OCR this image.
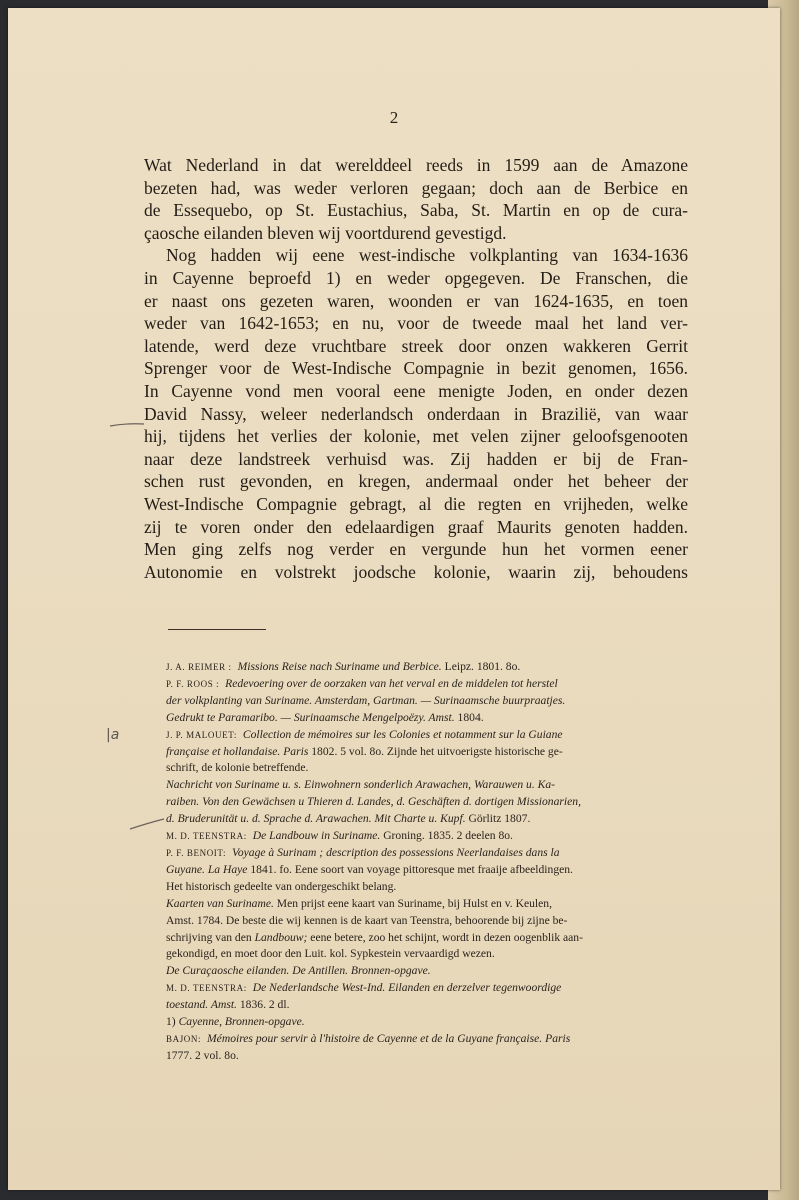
2
Wat Nederland in dat werelddeel reeds in 1599 aan de Amazone
bezeten had, was weder verloren gegaan; doch aan de Berbice en
de Essequebo, op St. Eustachius, Saba, St. Martin en op de cura-
çaosche eilanden bleven wij voortdurend gevestigd.
Nog hadden wij eene west-indische volkplanting van 1634-1636
in Cayenne beproefd 1) en weder opgegeven. De Franschen, die
er naast ons gezeten waren, woonden er van 1624-1635, en toen
weder van 1642-1653; en nu, voor de tweede maal het land ver-
latende, werd deze vruchtbare streek door onzen wakkeren Gerrit
Sprenger voor de West-Indische Compagnie in bezit genomen, 1656.
In Cayenne vond men vooral eene menigte Joden, en onder dezen
David Nassy, weleer nederlandsch onderdaan in Brazilië, van waar
hij, tijdens het verlies der kolonie, met velen zijner geloofsgenooten
naar deze landstreek verhuisd was. Zij hadden er bij de Fran-
schen rust gevonden, en kregen, andermaal onder het beheer der
West-Indische Compagnie gebragt, al die regten en vrijheden, welke
zij te voren onder den edelaardigen graaf Maurits genoten hadden.
Men ging zelfs nog verder en vergunde hun het vormen eener
Autonomie en volstrekt joodsche kolonie, waarin zij, behoudens

J. A. REIMER : Missions Reise nach Suriname und Berbice. Leipz. 1801. 8o.

P. F. ROOS : Redevoering over de oorzaken van het verval en de middelen tot herstel
der volkplanting van Suriname. Amsterdam, Gartman. — Surinaamsche buurpraatjes.
Gedrukt te Paramaribo. — Surinaamsche Mengelpoëzy. Amst. 1804.

J. P. MALOUET: Collection de mémoires sur les Colonies et notamment sur la Guiane
française et hollandaise. Paris 1802. 5 vol. 8o. Zijnde het uitvoerigste historische ge-
schrift, de kolonie betreffende.

Nachricht von Suriname u. s. Einwohnern sonderlich Arawachen, Warauwen u. Ka-
raiben. Von den Gewächsen u Thieren d. Landes, d. Geschäften d. dortigen Missionarien,
d. Bruderunität u. d. Sprache d. Arawachen. Mit Charte u. Kupf. Görlitz 1807.

M. D. TEENSTRA: De Landbouw in Suriname. Groning. 1835. 2 deelen 8o.

P. F. BENOIT: Voyage à Surinam ; description des possessions Neerlandaises dans la
Guyane. La Haye 1841. fo. Eene soort van voyage pittoresque met fraaije afbeeldingen.
Het historisch gedeelte van ondergeschikt belang.

Kaarten van Suriname. Men prijst eene kaart van Suriname, bij Hulst en v. Keulen,
Amst. 1784. De beste die wij kennen is de kaart van Teenstra, behoorende bij zijne be-
schrijving van den Landbouw; eene betere, zoo het schijnt, wordt in dezen oogenblik aan-
gekondigd, en moet door den Luit. kol. Sypkestein vervaardigd wezen.

De Curaçaosche eilanden. De Antillen. Bronnen-opgave.

M. D. TEENSTRA: De Nederlandsche West-Ind. Eilanden en derzelver tegenwoordige
toestand. Amst. 1836. 2 dl.

1) Cayenne, Bronnen-opgave.

BAJON: Mémoires pour servir à l'histoire de Cayenne et de la Guyane française. Paris
1777. 2 vol. 8o.

|a
